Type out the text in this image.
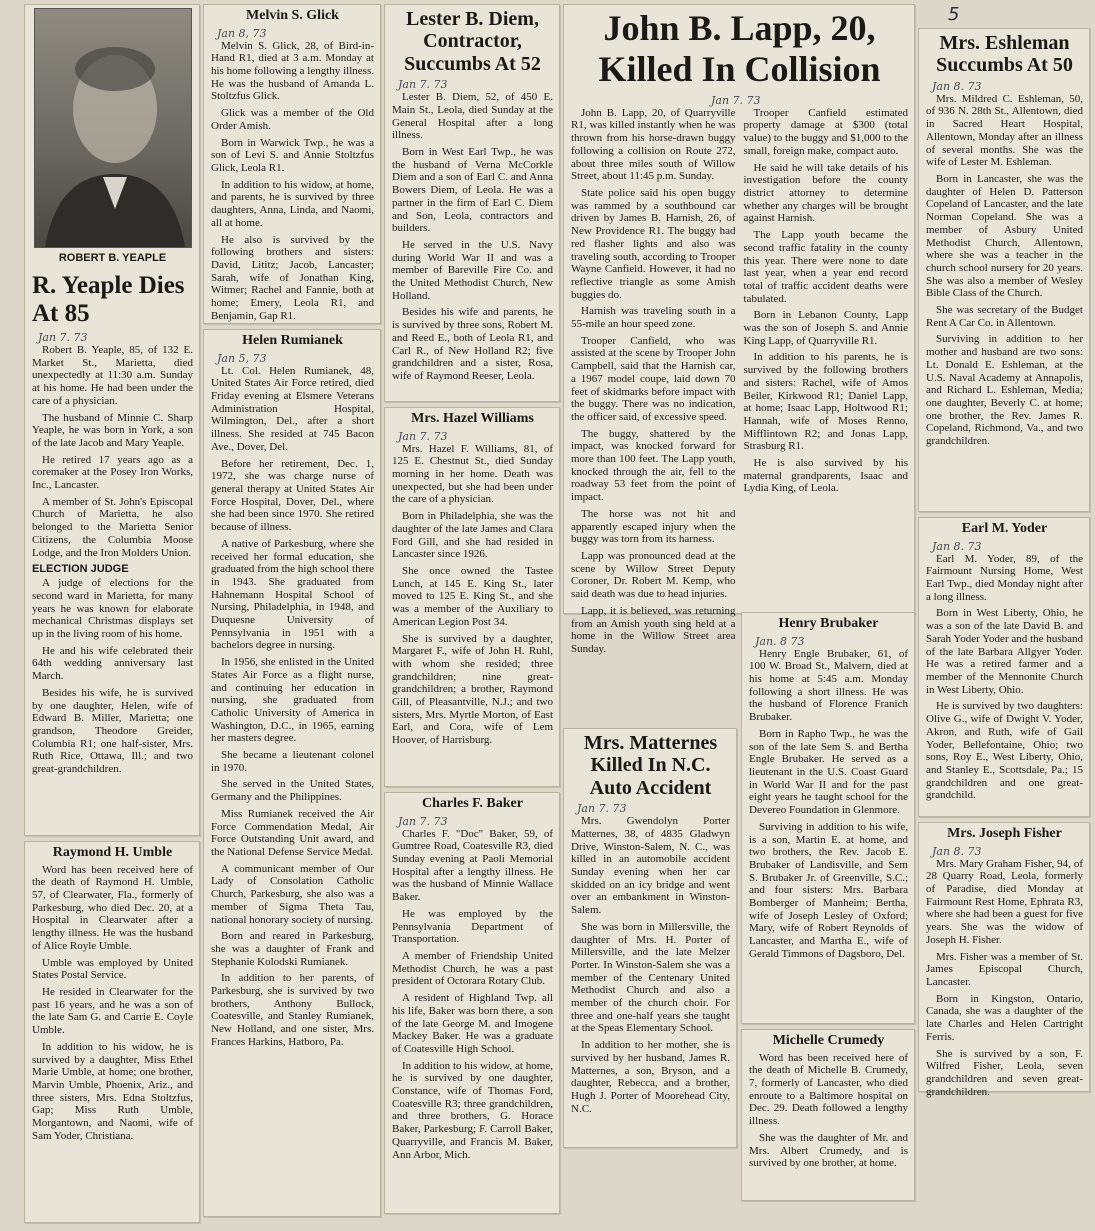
5
ROBERT B. YEAPLE
R. Yeaple Dies At 85
Jan 7. 73

Robert B. Yeaple, 85, of 132 E. Market St., Marietta, died unexpectedly at 11:30 a.m. Sunday at his home. He had been under the care of a physician.

The husband of Minnie C. Sharp Yeaple, he was born in York, a son of the late Jacob and Mary Yeaple.

He retired 17 years ago as a coremaker at the Posey Iron Works, Inc., Lancaster.

A member of St. John's Episcopal Church of Marietta, he also belonged to the Marietta Senior Citizens, the Columbia Moose Lodge, and the Iron Molders Union.

ELECTION JUDGE

A judge of elections for the second ward in Marietta, for many years he was known for elaborate mechanical Christmas displays set up in the living room of his home.

He and his wife celebrated their 64th wedding anniversary last March.

Besides his wife, he is survived by one daughter, Helen, wife of Edward B. Miller, Marietta; one grandson, Theodore Greider, Columbia R1; one half-sister, Mrs. Ruth Rice, Ottawa, Ill.; and two great-grandchildren.

Raymond H. Umble

Word has been received here of the death of Raymond H. Umble, 57, of Clearwater, Fla., formerly of Parkesburg, who died Dec. 20, at a Hospital in Clearwater after a lengthy illness. He was the husband of Alice Royle Umble.

Umble was employed by United States Postal Service.

He resided in Clearwater for the past 16 years, and he was a son of the late Sam G. and Carrie E. Coyle Umble.

In addition to his widow, he is survived by a daughter, Miss Ethel Marie Umble, at home; one brother, Marvin Umble, Phoenix, Ariz., and three sisters, Mrs. Edna Stoltzfus, Gap; Miss Ruth Umble, Morgantown, and Naomi, wife of Sam Yoder, Christiana.

Melvin S. Glick
Jan 8, 73

Melvin S. Glick, 28, of Bird-in-Hand R1, died at 3 a.m. Monday at his home following a lengthy illness. He was the husband of Amanda L. Stoltzfus Glick.

Glick was a member of the Old Order Amish.

Born in Warwick Twp., he was a son of Levi S. and Annie Stoltzfus Glick, Leola R1.

In addition to his widow, at home, and parents, he is survived by three daughters, Anna, Linda, and Naomi, all at home.

He also is survived by the following brothers and sisters: David, Lititz; Jacob, Lancaster; Sarah, wife of Jonathan King, Witmer; Rachel and Fannie, both at home; Emery, Leola R1, and Benjamin, Gap R1.

Helen Rumianek
Jan 5, 73

Lt. Col. Helen Rumianek, 48, United States Air Force retired, died Friday evening at Elsmere Veterans Administration Hospital, Wilmington, Del., after a short illness. She resided at 745 Bacon Ave., Dover, Del.

Before her retirement, Dec. 1, 1972, she was charge nurse of general therapy at United States Air Force Hospital, Dover, Del., where she had been since 1970. She retired because of illness.

A native of Parkesburg, where she received her formal education, she graduated from the high school there in 1943. She graduated from Hahnemann Hospital School of Nursing, Philadelphia, in 1948, and Duquesne University of Pennsylvania in 1951 with a bachelors degree in nursing.

In 1956, she enlisted in the United States Air Force as a flight nurse, and continuing her education in nursing, she graduated from Catholic University of America in Washington, D.C., in 1965, earning her masters degree.

She became a lieutenant colonel in 1970.

She served in the United States, Germany and the Philippines.

Miss Rumianek received the Air Force Commendation Medal, Air Force Outstanding Unit award, and the National Defense Service Medal.

A communicant member of Our Lady of Consolation Catholic Church, Parkesburg, she also was a member of Sigma Theta Tau, national honorary society of nursing.

Born and reared in Parkesburg, she was a daughter of Frank and Stephanie Kolodski Rumianek.

In addition to her parents, of Parkesburg, she is survived by two brothers, Anthony Bullock, Coatesville, and Stanley Rumianek, New Holland, and one sister, Mrs. Frances Harkins, Hatboro, Pa.

Lester B. Diem, Contractor, Succumbs At 52
Jan 7. 73

Lester B. Diem, 52, of 450 E. Main St., Leola, died Sunday at the General Hospital after a long illness.

Born in West Earl Twp., he was the husband of Verna McCorkle Diem and a son of Earl C. and Anna Bowers Diem, of Leola. He was a partner in the firm of Earl C. Diem and Son, Leola, contractors and builders.

He served in the U.S. Navy during World War II and was a member of Bareville Fire Co. and the United Methodist Church, New Holland.

Besides his wife and parents, he is survived by three sons, Robert M. and Reed E., both of Leola R1, and Carl R., of New Holland R2; five grandchildren and a sister, Rosa, wife of Raymond Reeser, Leola.

Mrs. Hazel Williams
Jan 7. 73

Mrs. Hazel F. Williams, 81, of 125 E. Chestnut St., died Sunday morning in her home. Death was unexpected, but she had been under the care of a physician.

Born in Philadelphia, she was the daughter of the late James and Clara Ford Gill, and she had resided in Lancaster since 1926.

She once owned the Tastee Lunch, at 145 E. King St., later moved to 125 E. King St., and she was a member of the Auxiliary to American Legion Post 34.

She is survived by a daughter, Margaret F., wife of John H. Ruhl, with whom she resided; three grandchildren; nine great-grandchildren; a brother, Raymond Gill, of Pleasantville, N.J.; and two sisters, Mrs. Myrtle Morton, of East Earl, and Cora, wife of Lem Hoover, of Harrisburg.

Charles F. Baker
Jan 7. 73

Charles F. "Doc" Baker, 59, of Gumtree Road, Coatesville R3, died Sunday evening at Paoli Memorial Hospital after a lengthy illness. He was the husband of Minnie Wallace Baker.

He was employed by the Pennsylvania Department of Transportation.

A member of Friendship United Methodist Church, he was a past president of Octorara Rotary Club.

A resident of Highland Twp. all his life, Baker was born there, a son of the late George M. and Imogene Mackey Baker. He was a graduate of Coatesville High School.

In addition to his widow, at home, he is survived by one daughter, Constance, wife of Thomas Ford, Coatesville R3; three grandchildren, and three brothers, G. Horace Baker, Parkesburg; F. Carroll Baker, Quarryville, and Francis M. Baker, Ann Arbor, Mich.

John B. Lapp, 20, Killed In Collision
Jan 7. 73

John B. Lapp, 20, of Quarryville R1, was killed instantly when he was thrown from his horse-drawn buggy following a collision on Route 272, about three miles south of Willow Street, about 11:45 p.m. Sunday.

State police said his open buggy was rammed by a southbound car driven by James B. Harnish, 26, of New Providence R1. The buggy had red flasher lights and also was traveling south, according to Trooper Wayne Canfield. However, it had no reflective triangle as some Amish buggies do.

Harnish was traveling south in a 55-mile an hour speed zone.

Trooper Canfield, who was assisted at the scene by Trooper John Campbell, said that the Harnish car, a 1967 model coupe, laid down 70 feet of skidmarks before impact with the buggy. There was no indication, the officer said, of excessive speed.

The buggy, shattered by the impact, was knocked forward for more than 100 feet. The Lapp youth, knocked through the air, fell to the roadway 53 feet from the point of impact.

The horse was not hit and apparently escaped injury when the buggy was torn from its harness.

Lapp was pronounced dead at the scene by Willow Street Deputy Coroner, Dr. Robert M. Kemp, who said death was due to head injuries.

Lapp, it is believed, was returning from an Amish youth sing held at a home in the Willow Street area Sunday.

Trooper Canfield estimated property damage at $300 (total value) to the buggy and $1,000 to the small, foreign make, compact auto.

He said he will take details of his investigation before the county district attorney to determine whether any charges will be brought against Harnish.

The Lapp youth became the second traffic fatality in the county this year. There were none to date last year, when a year end record total of traffic accident deaths were tabulated.

Born in Lebanon County, Lapp was the son of Joseph S. and Annie King Lapp, of Quarryville R1.

In addition to his parents, he is survived by the following brothers and sisters: Rachel, wife of Amos Beiler, Kirkwood R1; Daniel Lapp, at home; Isaac Lapp, Holtwood R1; Hannah, wife of Moses Renno, Mifflintown R2; and Jonas Lapp, Strasburg R1.

He is also survived by his maternal grandparents, Isaac and Lydia King, of Leola.

Mrs. Matternes Killed In N.C. Auto Accident
Jan 7. 73

Mrs. Gwendolyn Porter Matternes, 38, of 4835 Gladwyn Drive, Winston-Salem, N. C., was killed in an automobile accident Sunday evening when her car skidded on an icy bridge and went over an embankment in Winston-Salem.

She was born in Millersville, the daughter of Mrs. H. Porter of Millersville, and the late Melzer Porter. In Winston-Salem she was a member of the Centenary United Methodist Church and also a member of the church choir. For three and one-half years she taught at the Speas Elementary School.

In addition to her mother, she is survived by her husband, James R. Matternes, a son, Bryson, and a daughter, Rebecca, and a brother, Hugh J. Porter of Moorehead City, N.C.

Henry Brubaker
Jan. 8 73

Henry Engle Brubaker, 61, of 100 W. Broad St., Malvern, died at his home at 5:45 a.m. Monday following a short illness. He was the husband of Florence Franich Brubaker.

Born in Rapho Twp., he was the son of the late Sem S. and Bertha Engle Brubaker. He served as a lieutenant in the U.S. Coast Guard in World War II and for the past eight years he taught school for the Devereo Foundation in Glenmore.

Surviving in addition to his wife, is a son, Martin E. at home, and two brothers, the Rev. Jacob E. Brubaker of Landisville, and Sem S. Brubaker Jr. of Greenville, S.C.; and four sisters: Mrs. Barbara Bomberger of Manheim; Bertha, wife of Joseph Lesley of Oxford; Mary, wife of Robert Reynolds of Lancaster, and Martha E., wife of Gerald Timmons of Dagsboro, Del.

Michelle Crumedy

Word has been received here of the death of Michelle B. Crumedy, 7, formerly of Lancaster, who died enroute to a Baltimore hospital on Dec. 29. Death followed a lengthy illness.

She was the daughter of Mr. and Mrs. Albert Crumedy, and is survived by one brother, at home.

Mrs. Eshleman Succumbs At 50
Jan 8. 73

Mrs. Mildred C. Eshleman, 50, of 936 N. 28th St., Allentown, died in Sacred Heart Hospital, Allentown, Monday after an illness of several months. She was the wife of Lester M. Eshleman.

Born in Lancaster, she was the daughter of Helen D. Patterson Copeland of Lancaster, and the late Norman Copeland. She was a member of Asbury United Methodist Church, Allentown, where she was a teacher in the church school nursery for 20 years. She was also a member of Wesley Bible Class of the Church.

She was secretary of the Budget Rent A Car Co. in Allentown.

Surviving in addition to her mother and husband are two sons: Lt. Donald E. Eshleman, at the U.S. Naval Academy at Annapolis, and Richard L. Eshleman, Media; one daughter, Beverly C. at home; one brother, the Rev. James R. Copeland, Richmond, Va., and two grandchildren.

Earl M. Yoder
Jan 8. 73

Earl M. Yoder, 89, of the Fairmount Nursing Home, West Earl Twp., died Monday night after a long illness.

Born in West Liberty, Ohio, he was a son of the late David B. and Sarah Yoder Yoder and the husband of the late Barbara Allgyer Yoder. He was a retired farmer and a member of the Mennonite Church in West Liberty, Ohio.

He is survived by two daughters: Olive G., wife of Dwight V. Yoder, Akron, and Ruth, wife of Gail Yoder, Bellefontaine, Ohio; two sons, Roy E., West Liberty, Ohio, and Stanley E., Scottsdale, Pa.; 15 grandchildren and one great-grandchild.

Mrs. Joseph Fisher
Jan 8. 73

Mrs. Mary Graham Fisher, 94, of 28 Quarry Road, Leola, formerly of Paradise, died Monday at Fairmount Rest Home, Ephrata R3, where she had been a guest for five years. She was the widow of Joseph H. Fisher.

Mrs. Fisher was a member of St. James Episcopal Church, Lancaster.

Born in Kingston, Ontario, Canada, she was a daughter of the late Charles and Helen Cartright Ferris.

She is survived by a son, F. Wilfred Fisher, Leola, seven grandchildren and seven great-grandchildren.
